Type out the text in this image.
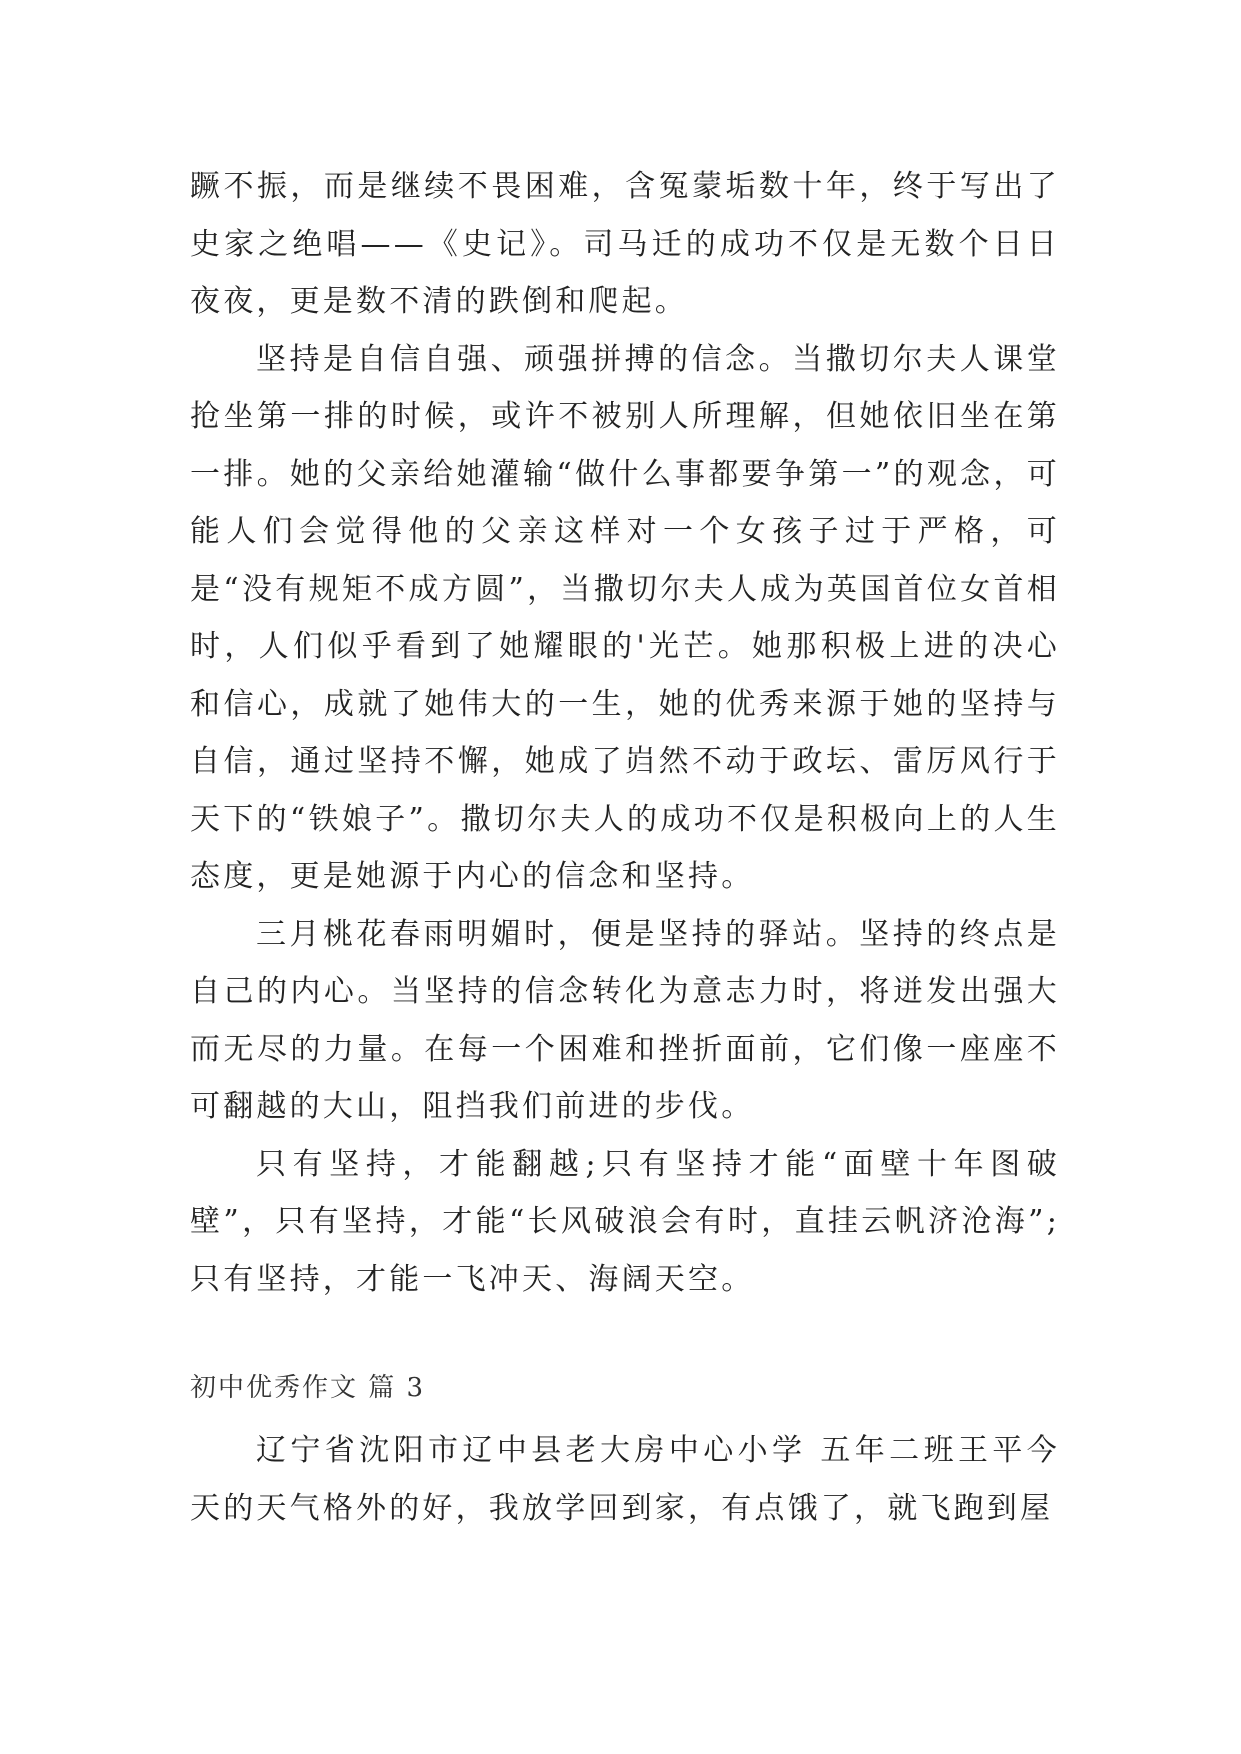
蹶不振，而是继续不畏困难，含冤蒙垢数十年，终于写出了史家之绝唱——《史记》。司马迁的成功不仅是无数个日日夜夜，更是数不清的跌倒和爬起。

坚持是自信自强、顽强拼搏的信念。当撒切尔夫人课堂抢坐第一排的时候，或许不被别人所理解，但她依旧坐在第一排。她的父亲给她灌输“做什么事都要争第一”的观念，可能人们会觉得他的父亲这样对一个女孩子过于严格，可是“没有规矩不成方圆”，当撒切尔夫人成为英国首位女首相时，人们似乎看到了她耀眼的'光芒。她那积极上进的决心和信心，成就了她伟大的一生，她的优秀来源于她的坚持与自信，通过坚持不懈，她成了岿然不动于政坛、雷厉风行于天下的“铁娘子”。撒切尔夫人的成功不仅是积极向上的人生态度，更是她源于内心的信念和坚持。

三月桃花春雨明媚时，便是坚持的驿站。坚持的终点是自己的内心。当坚持的信念转化为意志力时，将迸发出强大而无尽的力量。在每一个困难和挫折面前，它们像一座座不可翻越的大山，阻挡我们前进的步伐。

只有坚持，才能翻越;只有坚持才能“面壁十年图破壁”，只有坚持，才能“长风破浪会有时，直挂云帆济沧海”;只有坚持，才能一飞冲天、海阔天空。

初中优秀作文 篇 3

辽宁省沈阳市辽中县老大房中心小学 五年二班王平今天的天气格外的好，我放学回到家，有点饿了，就飞跑到屋
